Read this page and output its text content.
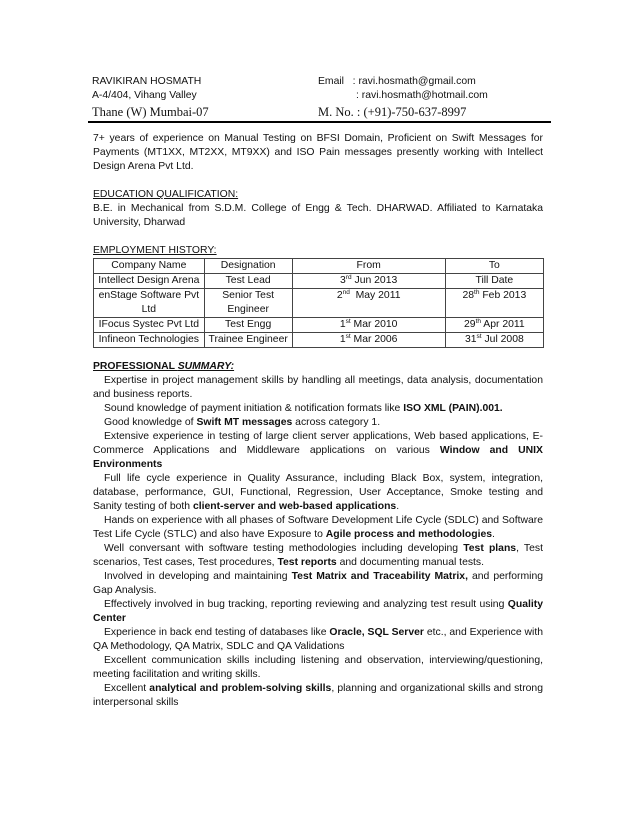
RAVIKIRAN HOSMATH	Email : ravi.hosmath@gmail.com
A-4/404, Vihang Valley	: ravi.hosmath@hotmail.com
Thane (W) Mumbai-07	M. No. : (+91)-750-637-8997

7+ years of experience on Manual Testing on BFSI Domain, Proficient on Swift Messages for Payments (MT1XX, MT2XX, MT9XX) and ISO Pain messages presently working with Intellect Design Arena Pvt Ltd.

EDUCATION QUALIFICATION:

B.E. in Mechanical from S.D.M. College of Engg & Tech. DHARWAD. Affiliated to Karnataka University, Dharwad

EMPLOYMENT HISTORY:

Company Name	Designation	From	To
Intellect Design Arena	Test Lead	3rd Jun 2013	Till Date
enStage Software Pvt Ltd	Senior Test Engineer	2nd  May 2011	28th Feb 2013
IFocus Systec Pvt Ltd	Test Engg	1st Mar 2010	29th Apr 2011
Infineon Technologies	Trainee Engineer	1st Mar 2006	31st Jul 2008

PROFESSIONAL SUMMARY:

Expertise in project management skills by handling all meetings, data analysis, documentation and business reports.

Sound knowledge of payment initiation & notification formats like ISO XML (PAIN).001.

Good knowledge of Swift MT messages across category 1.

Extensive experience in testing of large client server applications, Web based applications, E-Commerce Applications and Middleware applications on various Window and UNIX Environments

Full life cycle experience in Quality Assurance, including Black Box, system, integration, database, performance, GUI, Functional, Regression, User Acceptance, Smoke testing and Sanity testing of both client-server and web-based applications.

Hands on experience with all phases of Software Development Life Cycle (SDLC) and Software Test Life Cycle (STLC) and also have Exposure to Agile process and methodologies.

Well conversant with software testing methodologies including developing Test plans, Test scenarios, Test cases, Test procedures, Test reports and documenting manual tests.

Involved in developing and maintaining Test Matrix and Traceability Matrix, and performing Gap Analysis.

Effectively involved in bug tracking, reporting reviewing and analyzing test result using Quality Center

Experience in back end testing of databases like Oracle, SQL Server etc., and Experience with QA Methodology, QA Matrix, SDLC and QA Validations

Excellent communication skills including listening and observation, interviewing/questioning, meeting facilitation and writing skills.

Excellent analytical and problem-solving skills, planning and organizational skills and strong interpersonal skills
